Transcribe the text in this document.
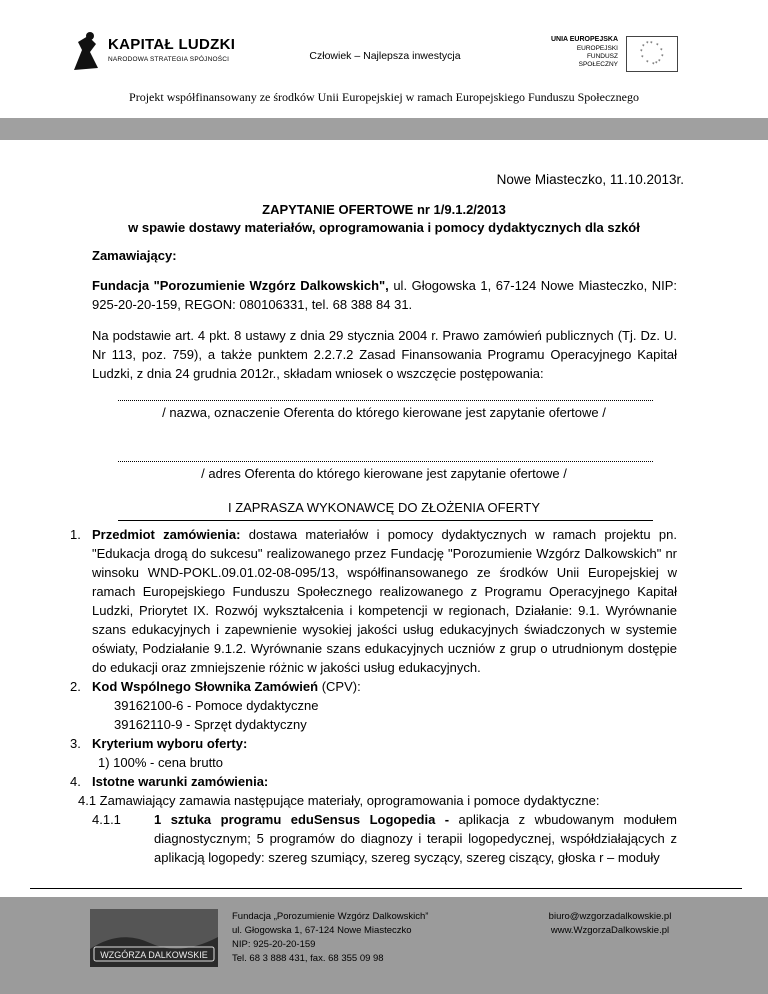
KAPITAŁ LUDZKI
NARODOWA STRATEGIA SPÓJNOŚCI	Człowiek – Najlepsza inwestycja
UNIA EUROPEJSKA
EUROPEJSKI
FUNDUSZ SPOŁECZNY
* *
*
*
*
*
*
*
*
* *
*
Projekt współfinansowany ze środków Unii Europejskiej w ramach Europejskiego Funduszu Społecznego
Nowe Miasteczko, 11.10.2013r.
ZAPYTANIE OFERTOWE nr 1/9.1.2/2013
w spawie dostawy materiałów, oprogramowania i pomocy dydaktycznych dla szkół
Zamawiający:
Fundacja "Porozumienie Wzgórz Dalkowskich", ul. Głogowska 1, 67-124 Nowe Miasteczko, NIP: 925-20-20-159, REGON: 080106331, tel. 68 388 84 31.
Na podstawie art. 4 pkt. 8 ustawy z dnia 29 stycznia 2004 r. Prawo zamówień publicznych (Tj. Dz. U. Nr 113, poz. 759), a także punktem 2.2.7.2 Zasad Finansowania Programu Operacyjnego Kapitał Ludzki, z dnia 24 grudnia 2012r., składam wniosek o wszczęcie postępowania:
/ nazwa, oznaczenie Oferenta do którego kierowane jest zapytanie ofertowe /
/ adres Oferenta do którego kierowane jest zapytanie ofertowe /
I ZAPRASZA WYKONAWCĘ DO ZŁOŻENIA OFERTY
1. Przedmiot zamówienia: dostawa materiałów i pomocy dydaktycznych w ramach projektu pn. "Edukacja drogą do sukcesu" realizowanego przez Fundację "Porozumienie Wzgórz Dalkowskich" nr winsoku WND-POKL.09.01.02-08-095/13, współfinansowanego ze środków Unii Europejskiej w ramach Europejskiego Funduszu Społecznego realizowanego z Programu Operacyjnego Kapitał Ludzki, Priorytet IX. Rozwój wykształcenia i kompetencji w regionach, Działanie: 9.1. Wyrównanie szans edukacyjnych i zapewnienie wysokiej jakości usług edukacyjnych świadczonych w systemie oświaty, Podziałanie 9.1.2. Wyrównanie szans edukacyjnych uczniów z grup o utrudnionym dostępie do edukacji oraz zmniejszenie różnic w jakości usług edukacyjnych.
2. Kod Wspólnego Słownika Zamówień (CPV):
39162100-6 - Pomoce dydaktyczne
39162110-9 - Sprzęt dydaktyczny
3. Kryterium wyboru oferty:
1) 100% - cena brutto
4. Istotne warunki zamówienia:
4.1 Zamawiający zamawia następujące materiały, oprogramowania i pomoce dydaktyczne:
4.1.1	1 sztuka programu eduSensus Logopedia - aplikacja z wbudowanym modułem diagnostycznym; 5 programów do diagnozy i terapii logopedycznej, współdziałających z aplikacją logopedy: szereg szumiący, szereg syczący, szereg ciszący, głoska r – moduły
WZGÓRZA DALKOWSKIE
Fundacja „Porozumienie Wzgórz Dalkowskich”
ul. Głogowska 1, 67-124 Nowe Miasteczko
NIP: 925-20-20-159
Tel. 68 3 888 431, fax. 68 355 09 98
biuro@wzgorzadalkowskie.pl
www.WzgorzaDalkowskie.pl
